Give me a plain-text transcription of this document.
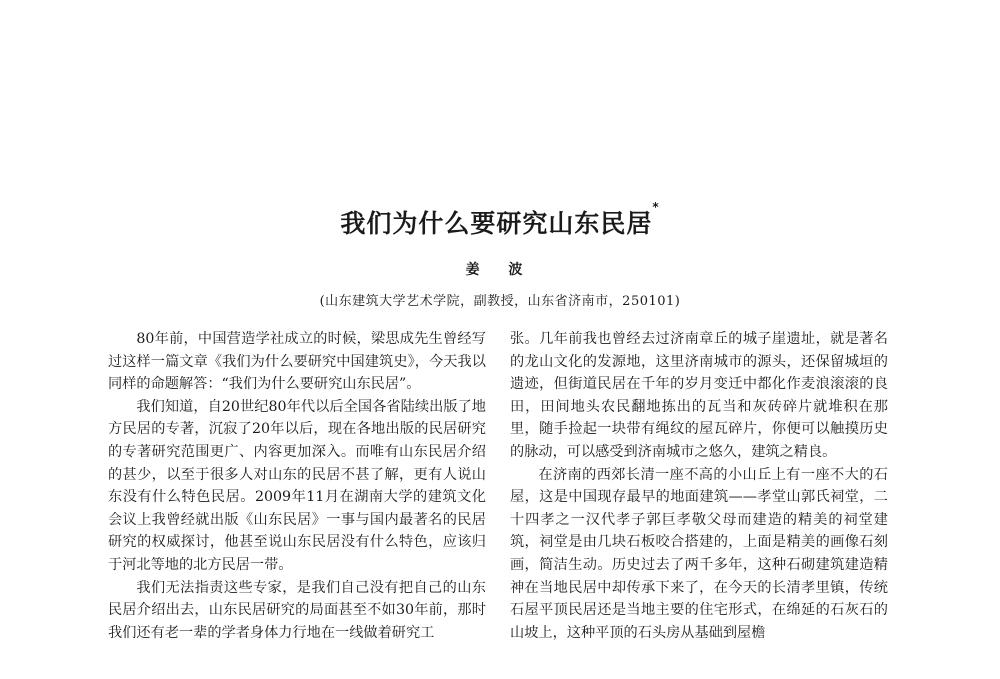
我们为什么要研究山东民居*
姜 波
(山东建筑大学艺术学院，副教授，山东省济南市，250101)

80年前，中国营造学社成立的时候，梁思成先生曾经写过这样一篇文章《我们为什么要研究中国建筑史》，今天我以同样的命题解答：“我们为什么要研究山东民居”。

我们知道，自20世纪80年代以后全国各省陆续出版了地方民居的专著，沉寂了20年以后，现在各地出版的民居研究的专著研究范围更广、内容更加深入。而唯有山东民居介绍的甚少，以至于很多人对山东的民居不甚了解，更有人说山东没有什么特色民居。2009年11月在湖南大学的建筑文化会议上我曾经就出版《山东民居》一事与国内最著名的民居研究的权威探讨，他甚至说山东民居没有什么特色，应该归于河北等地的北方民居一带。

我们无法指责这些专家，是我们自己没有把自己的山东民居介绍出去，山东民居研究的局面甚至不如30年前，那时我们还有老一辈的学者身体力行地在一线做着研究工

张。几年前我也曾经去过济南章丘的城子崖遗址，就是著名的龙山文化的发源地，这里济南城市的源头，还保留城垣的遗迹，但街道民居在千年的岁月变迁中都化作麦浪滚滚的良田，田间地头农民翻地拣出的瓦当和灰砖碎片就堆积在那里，随手捡起一块带有绳纹的屋瓦碎片，你便可以触摸历史的脉动，可以感受到济南城市之悠久，建筑之精良。

在济南的西郊长清一座不高的小山丘上有一座不大的石屋，这是中国现存最早的地面建筑——孝堂山郭氏祠堂，二十四孝之一汉代孝子郭巨孝敬父母而建造的精美的祠堂建筑，祠堂是由几块石板咬合搭建的，上面是精美的画像石刻画，简洁生动。历史过去了两千多年，这种石砌建筑建造精神在当地民居中却传承下来了，在今天的长清孝里镇，传统石屋平顶民居还是当地主要的住宅形式，在绵延的石灰石的山坡上，这种平顶的石头房从基础到屋檐
